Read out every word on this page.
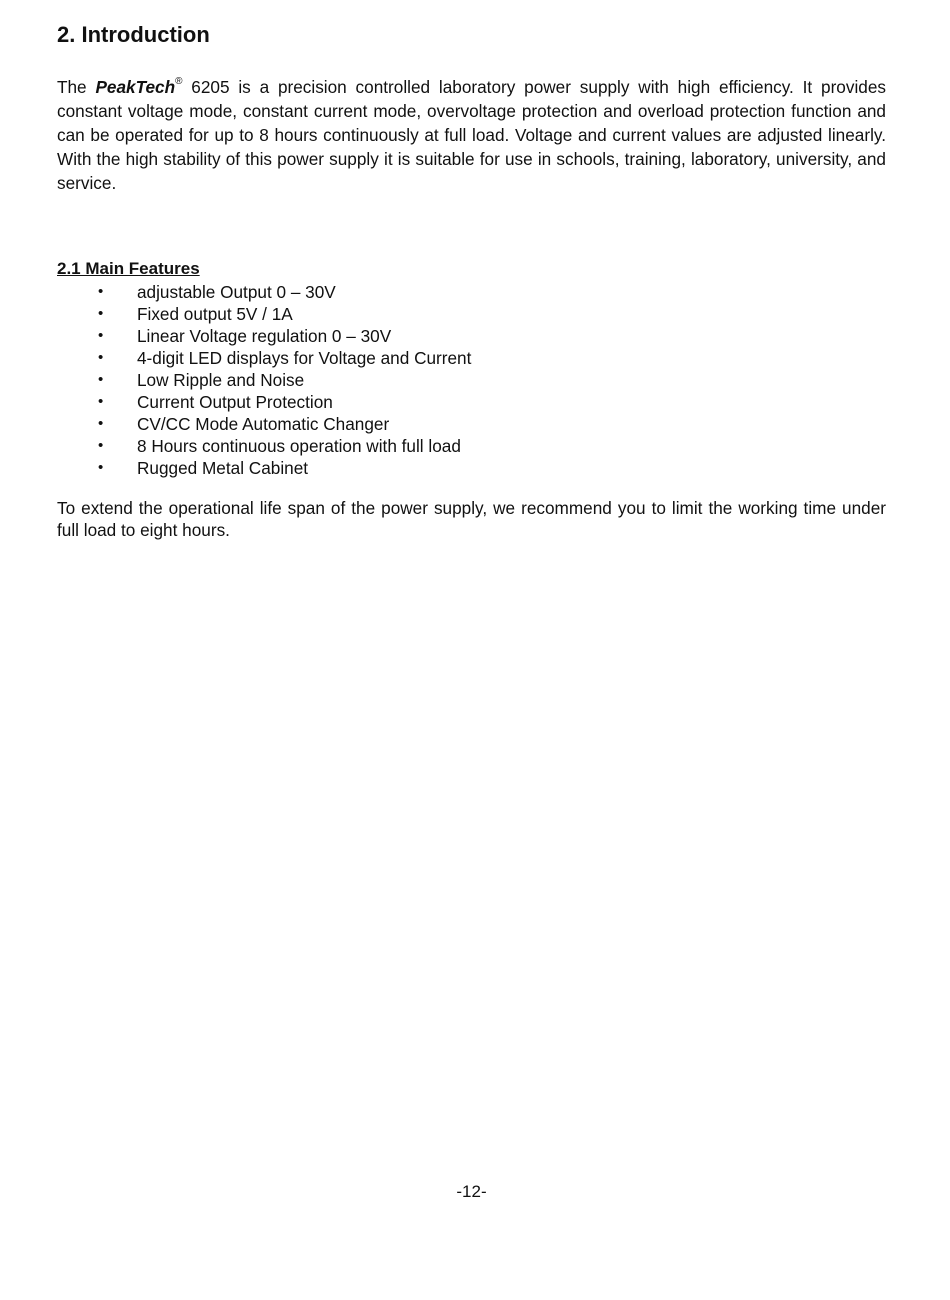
2. Introduction

The PeakTech® 6205 is a precision controlled laboratory power supply with high efficiency. It provides constant voltage mode, constant current mode, overvoltage protection and overload protection function and can be operated for up to 8 hours continuously at full load. Voltage and current values are adjusted linearly. With the high stability of this power supply it is suitable for use in schools, training, laboratory, university, and service.

2.1 Main Features
• adjustable Output 0 – 30V
• Fixed output 5V / 1A
• Linear Voltage regulation 0 – 30V
• 4-digit LED displays for Voltage and Current
• Low Ripple and Noise
• Current Output Protection
• CV/CC Mode Automatic Changer
• 8 Hours continuous operation with full load
• Rugged Metal Cabinet

To extend the operational life span of the power supply, we recommend you to limit the working time under full load to eight hours.

-12-
